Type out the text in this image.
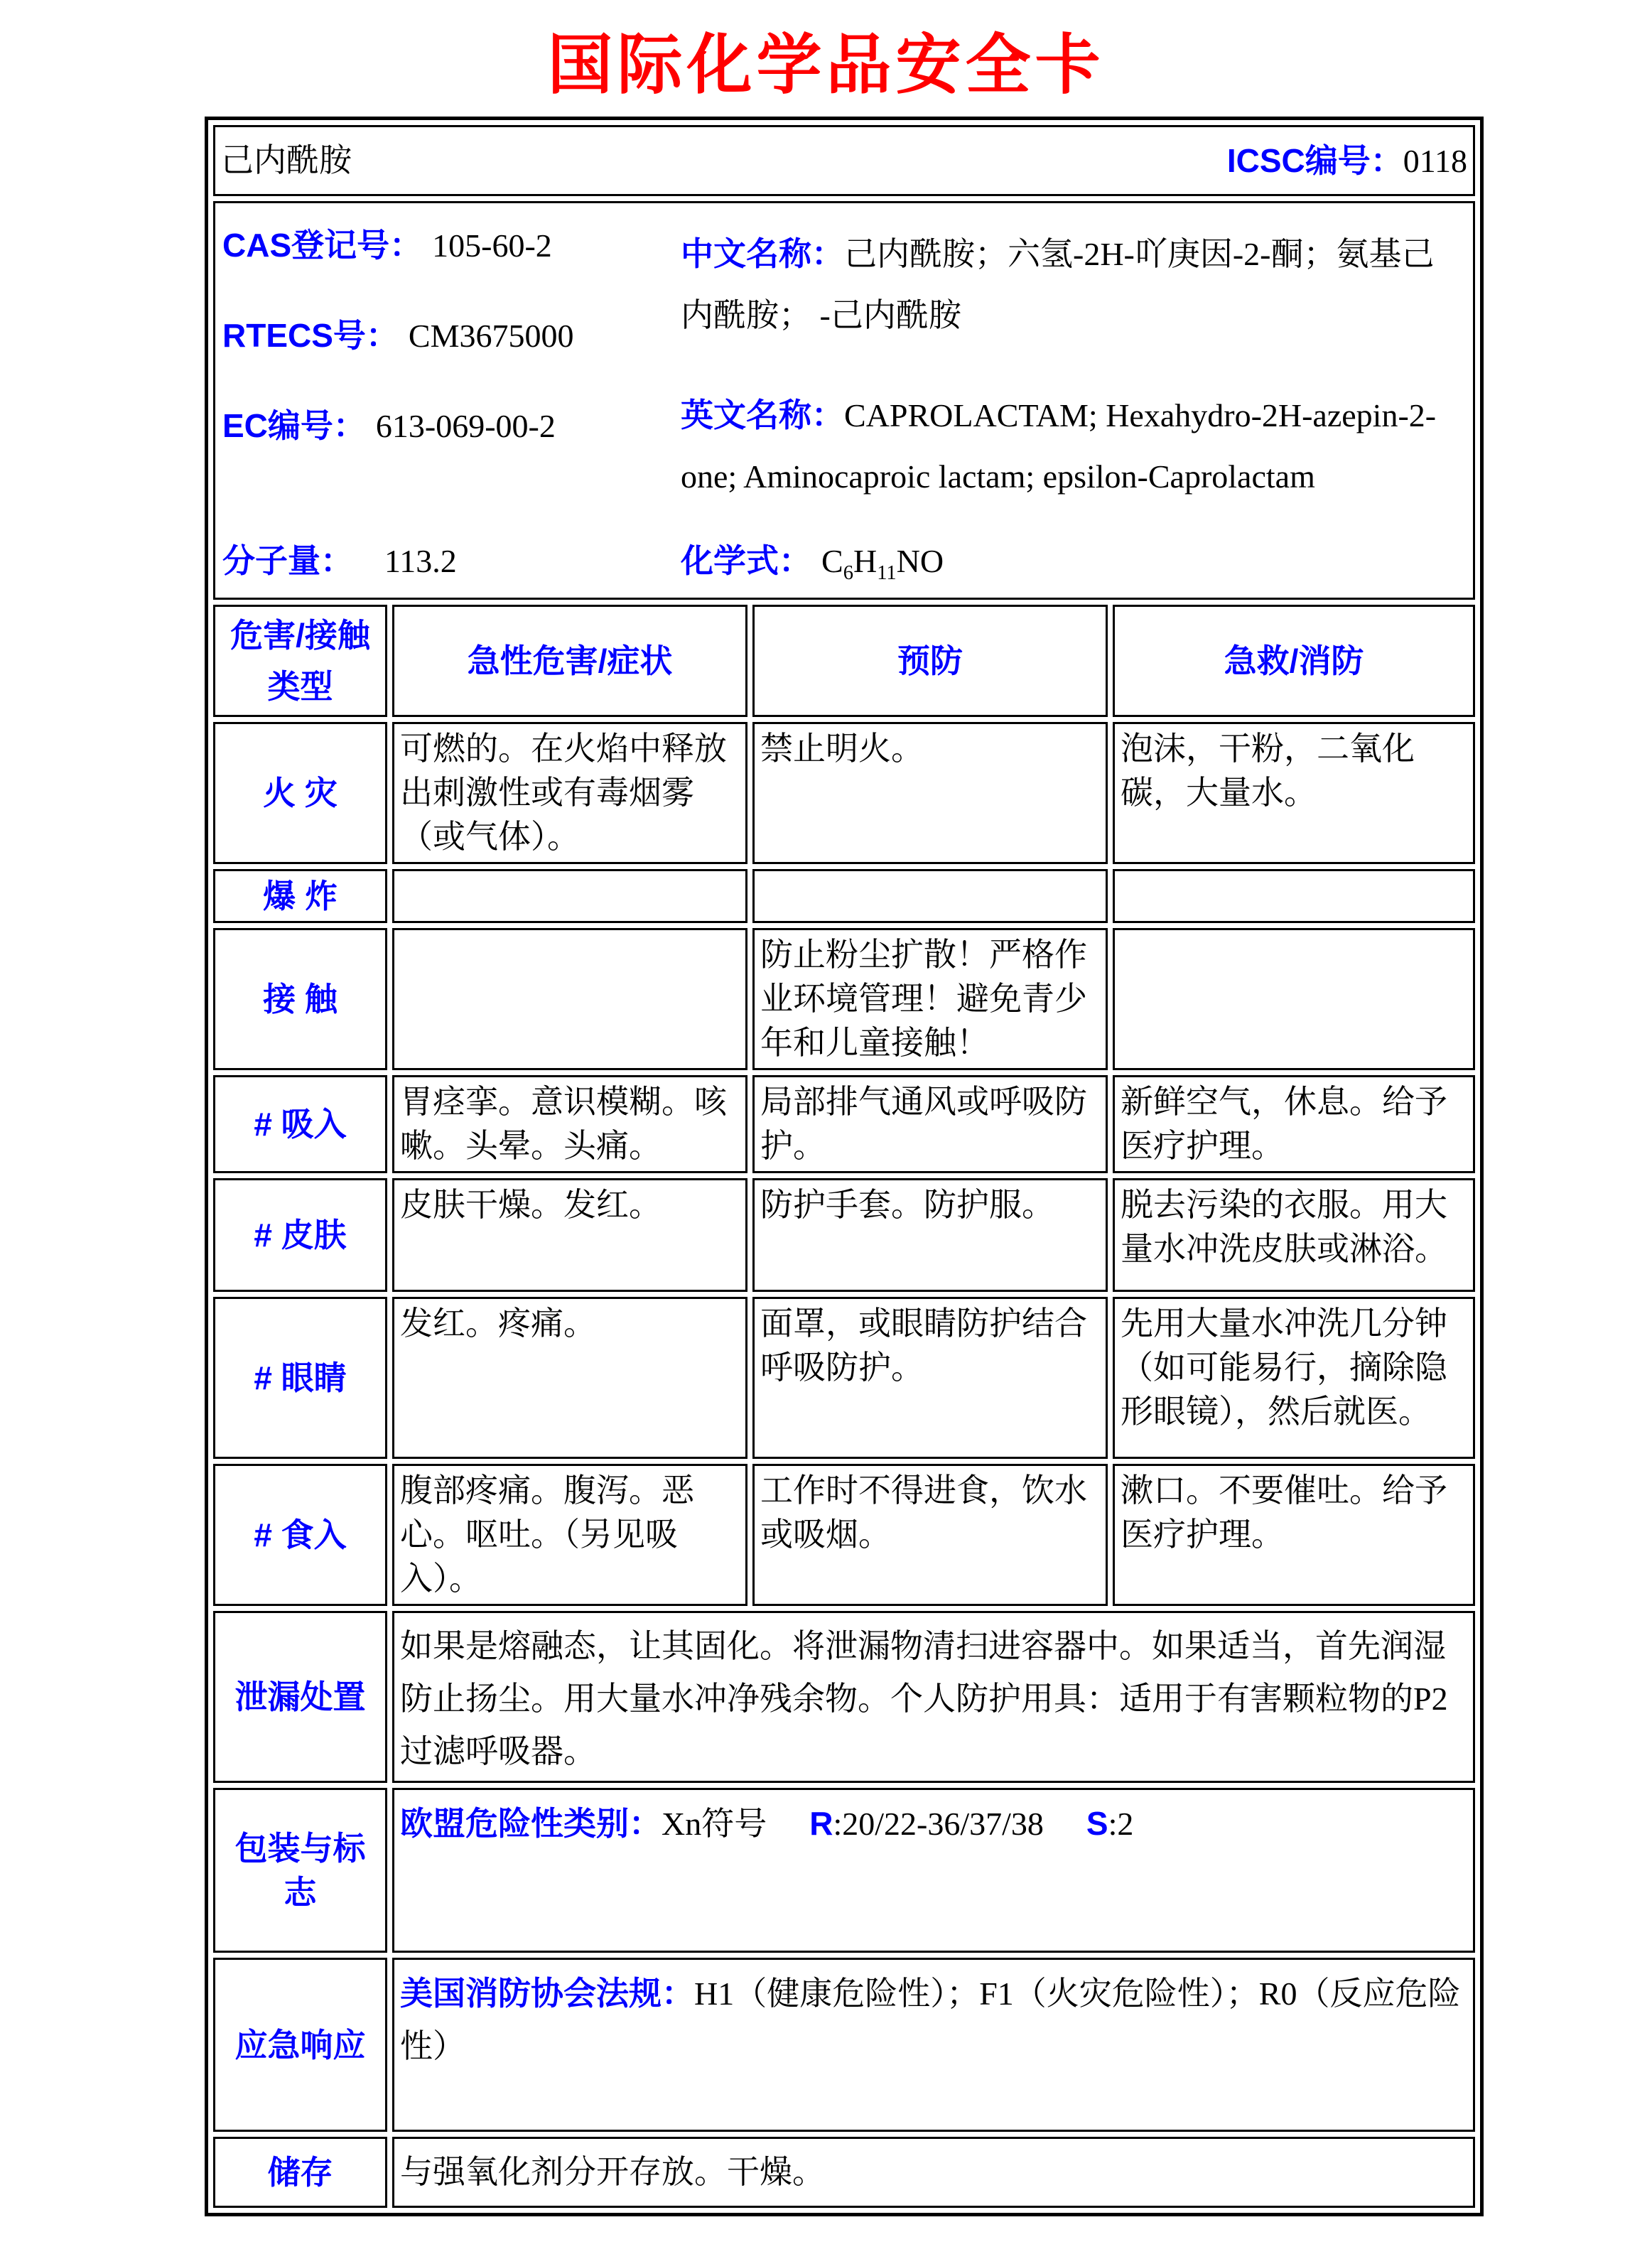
国际化学品安全卡
己内酰胺 ICSC编号：0118			

CAS登记号： 105-60-2
RTECS号： CM3675000
EC编号： 613-069-00-2

中文名称：己内酰胺；六氢-2H-吖庚因-2-酮；氨基己内酰胺； -己内酰胺

英文名称：CAPROLACTAM; Hexahydro-2H-azepin-2-one; Aminocaproic lactam; epsilon-Caprolactam

分子量： 113.2	化学式： $C_6H_{11}NO$

危害/接触
类型	急性危害/症状	预防	急救/消防
火 灾	可燃的。在火焰中释放出刺激性或有毒烟雾（或气体）。	禁止明火。	泡沫，干粉，二氧化碳，大量水。
爆 炸			
接 触		防止粉尘扩散！严格作业环境管理！避免青少年和儿童接触！	
# 吸入	胃痉挛。意识模糊。咳嗽。头晕。头痛。	局部排气通风或呼吸防护。	新鲜空气，休息。给予医疗护理。
# 皮肤	皮肤干燥。发红。	防护手套。防护服。	脱去污染的衣服。用大量水冲洗皮肤或淋浴。
# 眼睛	发红。疼痛。	面罩，或眼睛防护结合呼吸防护。	先用大量水冲洗几分钟（如可能易行，摘除隐形眼镜），然后就医。
# 食入	腹部疼痛。腹泻。恶心。呕吐。（另见吸入）。	工作时不得进食，饮水或吸烟。	漱口。不要催吐。给予医疗护理。
泄漏处置	如果是熔融态，让其固化。将泄漏物清扫进容器中。如果适当，首先润湿防止扬尘。用大量水冲净残余物。个人防护用具：适用于有害颗粒物的P2过滤呼吸器。		
包装与标志	欧盟危险性类别：Xn符号 R:20/22-36/37/38 S:2		
应急响应	美国消防协会法规：H1（健康危险性）；F1（火灾危险性）；R0（反应危险性）		
储存	与强氧化剂分开存放。干燥。		
